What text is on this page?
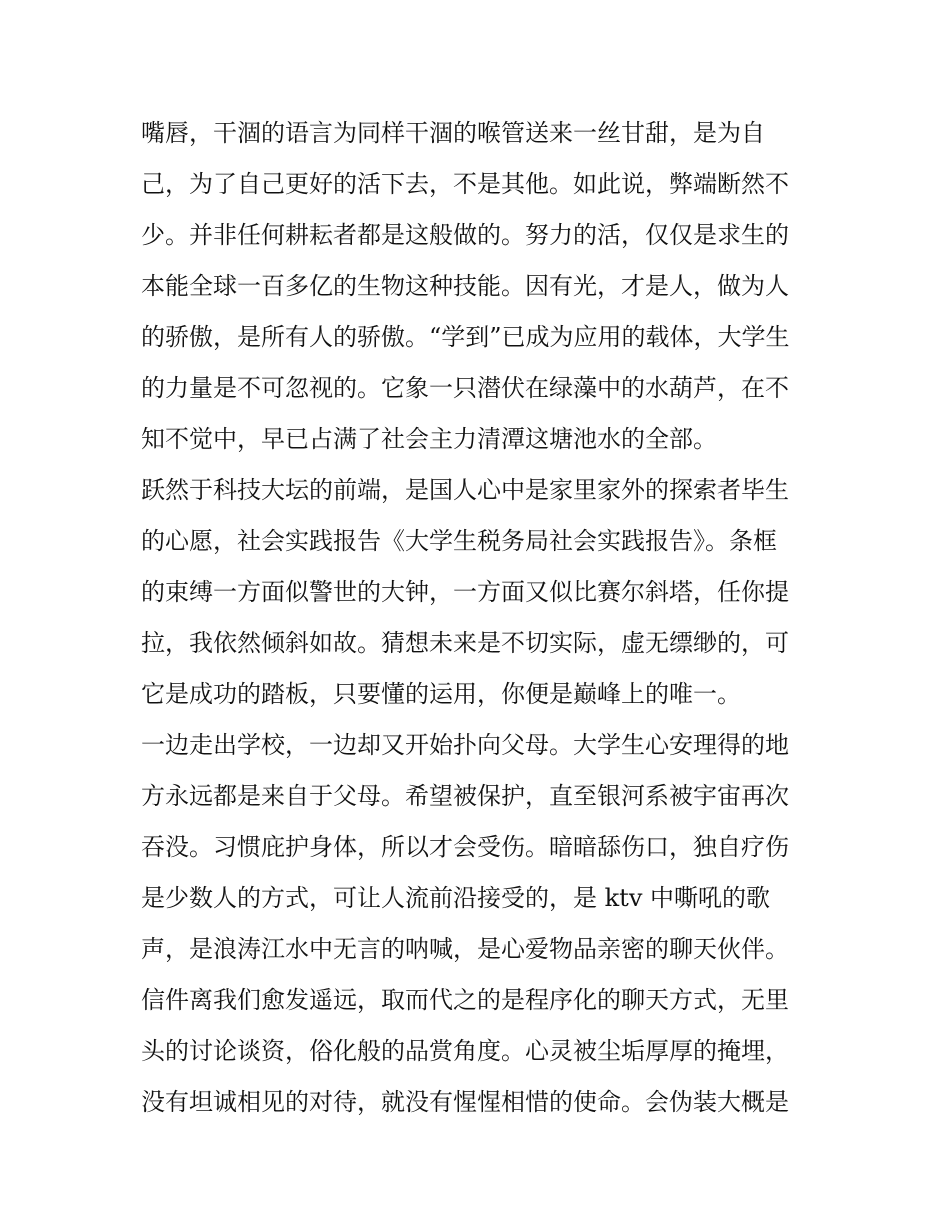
嘴唇，干涸的语言为同样干涸的喉管送来一丝甘甜，是为自
己，为了自己更好的活下去，不是其他。如此说，弊端断然不
少。并非任何耕耘者都是这般做的。努力的活，仅仅是求生的
本能全球一百多亿的生物这种技能。因有光，才是人，做为人
的骄傲，是所有人的骄傲。“学到”已成为应用的载体，大学生
的力量是不可忽视的。它象一只潜伏在绿藻中的水葫芦，在不
知不觉中，早已占满了社会主力清潭这塘池水的全部。
跃然于科技大坛的前端，是国人心中是家里家外的探索者毕生
的心愿，社会实践报告《大学生税务局社会实践报告》。条框
的束缚一方面似警世的大钟，一方面又似比赛尔斜塔，任你提
拉，我依然倾斜如故。猜想未来是不切实际，虚无缥缈的，可
它是成功的踏板，只要懂的运用，你便是巅峰上的唯一。
一边走出学校，一边却又开始扑向父母。大学生心安理得的地
方永远都是来自于父母。希望被保护，直至银河系被宇宙再次
吞没。习惯庇护身体，所以才会受伤。暗暗舔伤口，独自疗伤
是少数人的方式，可让人流前沿接受的，是 ktv 中嘶吼的歌
声，是浪涛江水中无言的呐喊，是心爱物品亲密的聊天伙伴。
信件离我们愈发遥远，取而代之的是程序化的聊天方式，无里
头的讨论谈资，俗化般的品赏角度。心灵被尘垢厚厚的掩埋，
没有坦诚相见的对待，就没有惺惺相惜的使命。会伪装大概是
